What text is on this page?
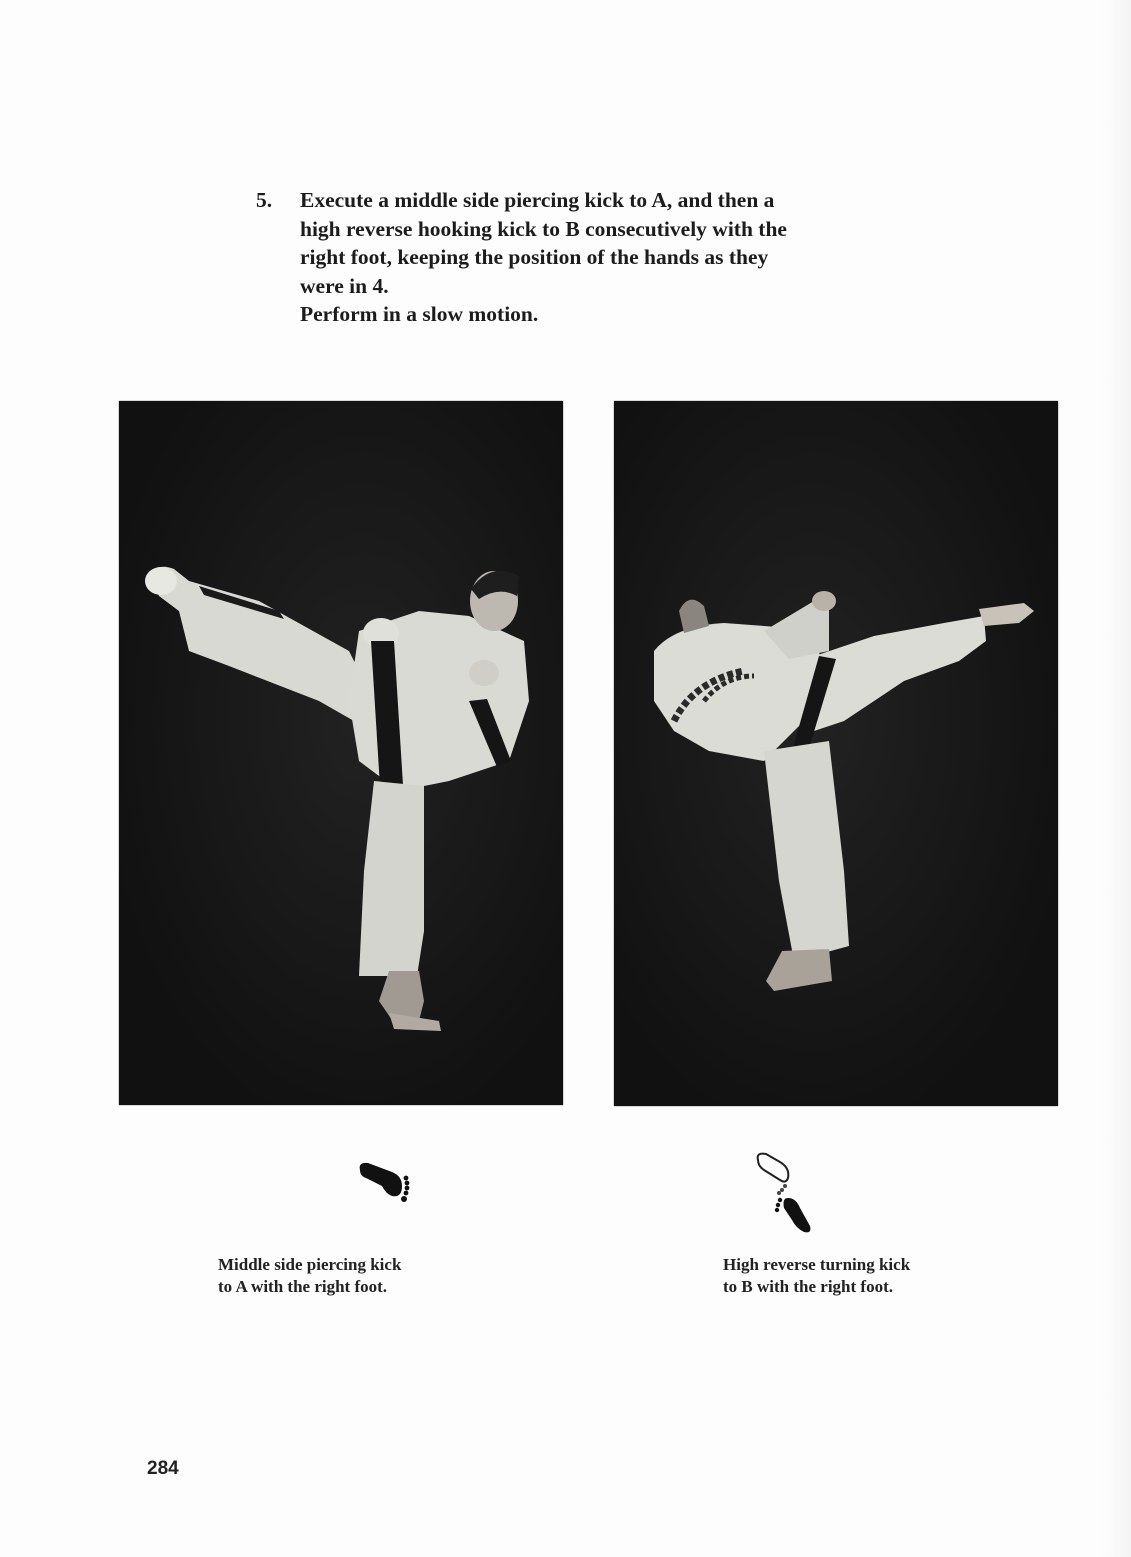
5. Execute a middle side piercing kick to A, and then a
high reverse hooking kick to B consecutively with the
right foot, keeping the position of the hands as they
were in 4.
Perform in a slow motion.
Middle side piercing kick
to A with the right foot.
High reverse turning kick
to B with the right foot.
284
